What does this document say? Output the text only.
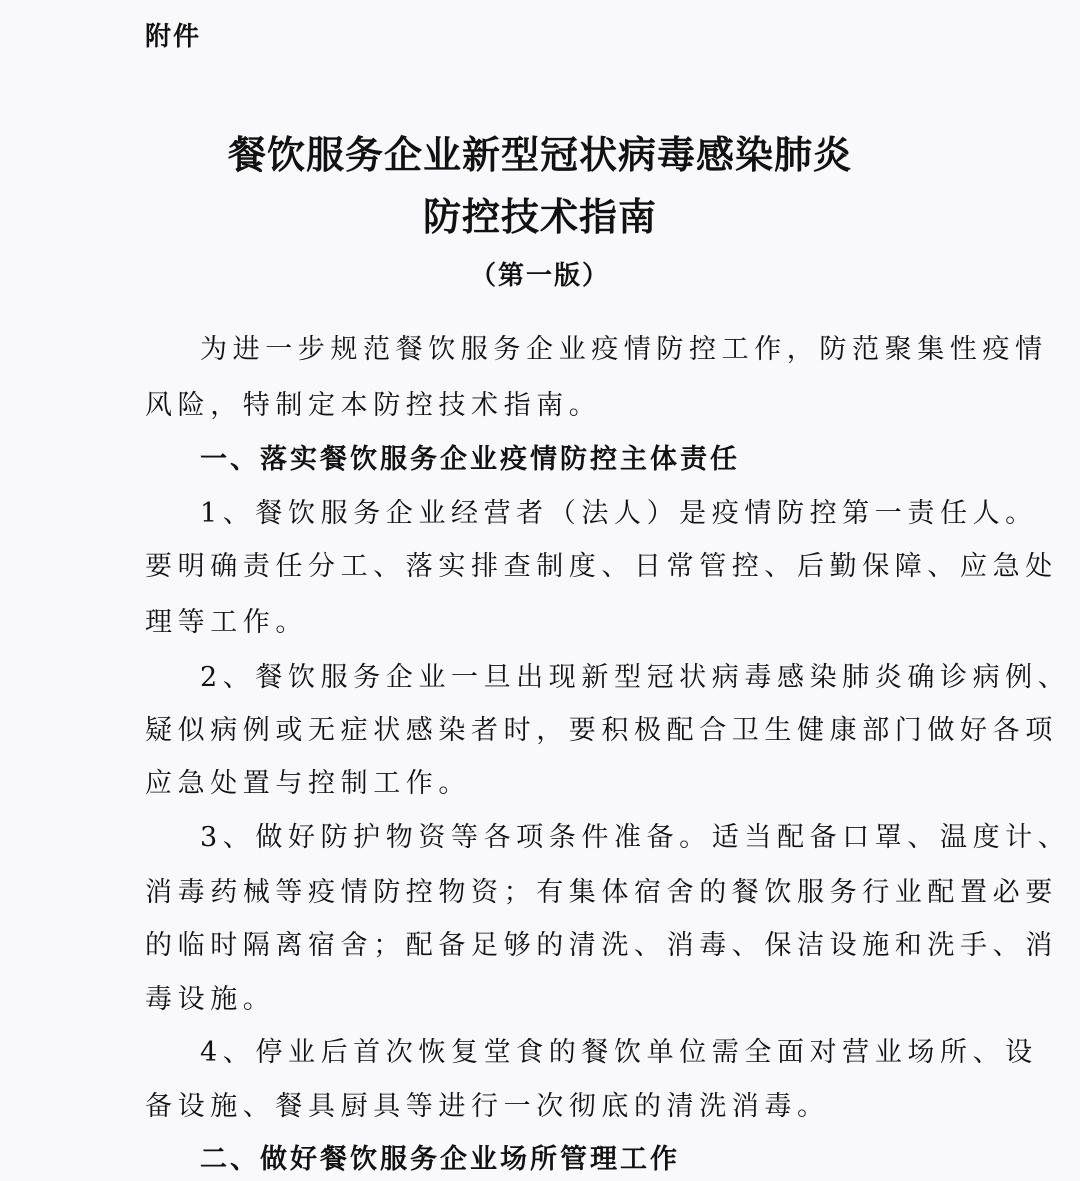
附件
餐饮服务企业新型冠状病毒感染肺炎
防控技术指南
（第一版）
为进一步规范餐饮服务企业疫情防控工作，防范聚集性疫情
风险，特制定本防控技术指南。
一、落实餐饮服务企业疫情防控主体责任
1、餐饮服务企业经营者（法人）是疫情防控第一责任人。
要明确责任分工、落实排查制度、日常管控、后勤保障、应急处
理等工作。
2、餐饮服务企业一旦出现新型冠状病毒感染肺炎确诊病例、
疑似病例或无症状感染者时，要积极配合卫生健康部门做好各项
应急处置与控制工作。
3、做好防护物资等各项条件准备。适当配备口罩、温度计、
消毒药械等疫情防控物资；有集体宿舍的餐饮服务行业配置必要
的临时隔离宿舍；配备足够的清洗、消毒、保洁设施和洗手、消
毒设施。
4、停业后首次恢复堂食的餐饮单位需全面对营业场所、设
备设施、餐具厨具等进行一次彻底的清洗消毒。
二、做好餐饮服务企业场所管理工作
